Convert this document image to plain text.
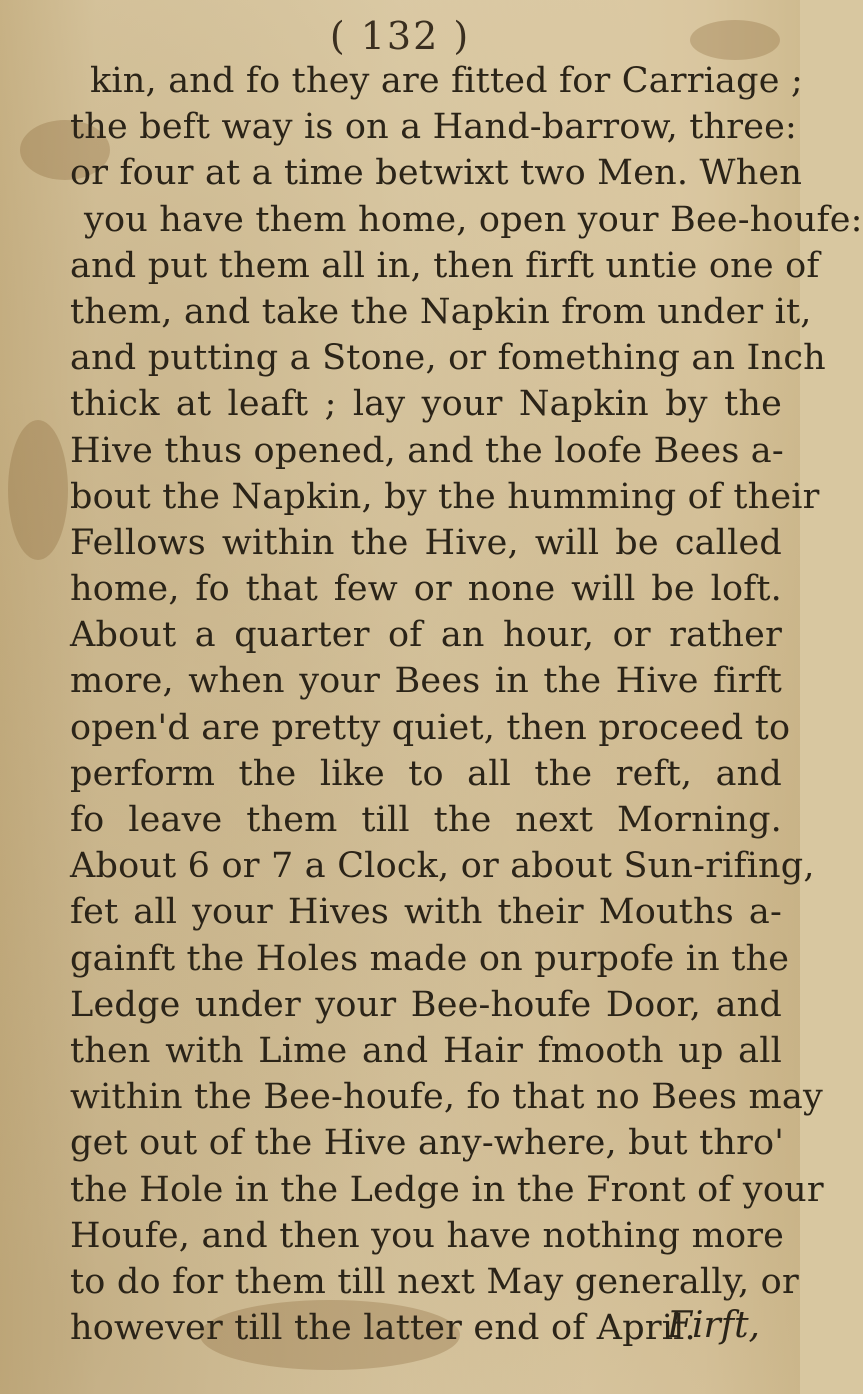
( 132 )
kin, and fo they are fitted for Carriage ;
the beft way is on a Hand-barrow, three:
or four at a time betwixt two Men. When
you have them home, open your Bee-houfe:
and put them all in, then firft untie one of
them, and take the Napkin from under it,
and putting a Stone, or fomething an Inch
thick at leaft ; lay your Napkin by the
Hive thus opened, and the loofe Bees a-
bout the Napkin, by the humming of their
Fellows within the Hive, will be called
home, fo that few or none will be loft.
About a quarter of an hour, or rather
more, when your Bees in the Hive firft
open'd are pretty quiet, then proceed to
perform the like to all the reft, and
fo leave them till the next Morning.
About 6 or 7 a Clock, or about Sun-rifing,
fet all your Hives with their Mouths a-
gainft the Holes made on purpofe in the
Ledge under your Bee-houfe Door, and
then with Lime and Hair fmooth up all
within the Bee-houfe, fo that no Bees may
get out of the Hive any-where, but thro'
the Hole in the Ledge in the Front of your
Houfe, and then you have nothing more
to do for them till next May generally, or
however till the latter end of April.
Firft,
